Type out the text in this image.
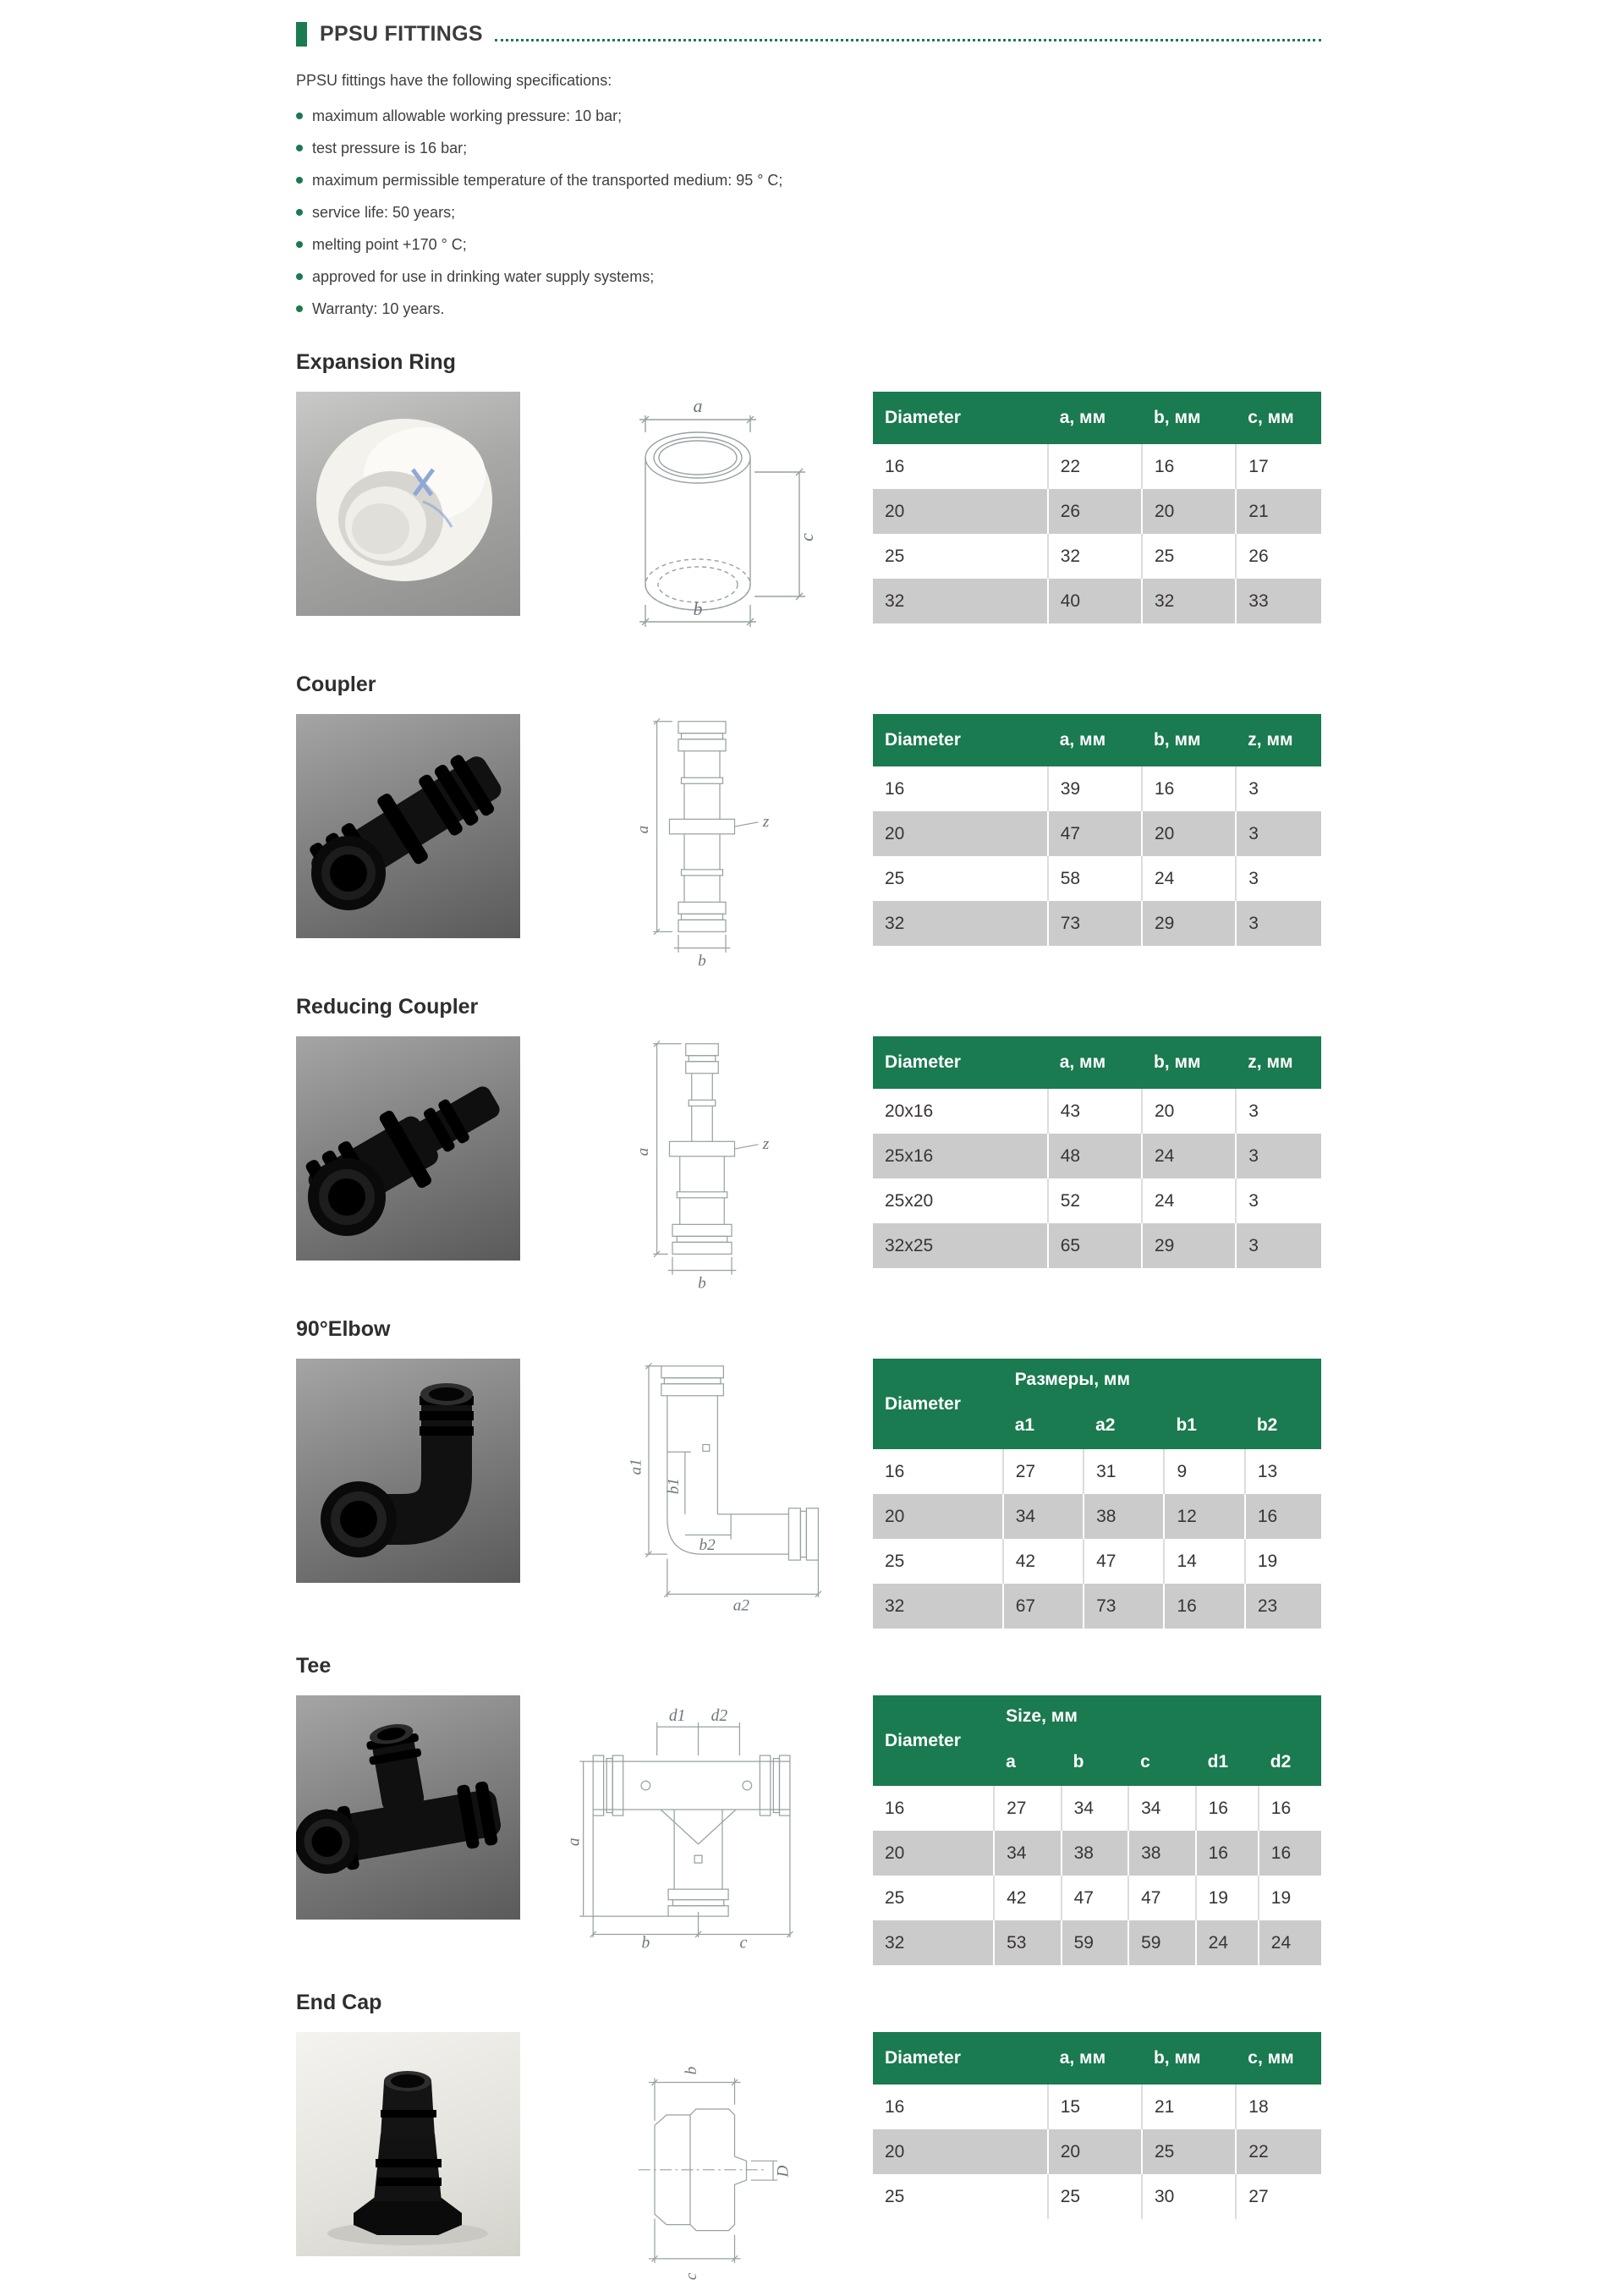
PPSU FITTINGS

PPSU fittings have the following specifications:

maximum allowable working pressure: 10 bar;
test pressure is 16 bar;
maximum permissible temperature of the transported medium: 95 ° C;
service life: 50 years;
melting point +170 ° C;
approved for use in drinking water supply systems;
Warranty: 10 years.
Expansion Ring
a
c
b
Diameter	a, мм	b, мм	c, мм
16	22	16	17
20	26	20	21
25	32	25	26
32	40	32	33
Coupler
a	z
b
Diameter	a, мм	b, мм	z, мм
16	39	16	3
20	47	20	3
25	58	24	3
32	73	29	3
Reducing Coupler
a	z
b
Diameter	a, мм	b, мм	z, мм
20x16	43	20	3
25x16	48	24	3
25x20	52	24	3
32x25	65	29	3
90°Elbow
a1
b1
b2
a2
Diameter	Размеры, мм			
	a1	a2	b1	b2
16	27	31	9	13
20	34	38	12	16
25	42	47	14	19
32	67	73	16	23
Tee
d1 d2
a
b	c
Diameter	Size, мм				
	a	b	c	d1	d2
16	27	34	34	16	16
20	34	38	38	16	16
25	42	47	47	19	19
32	53	59	59	24	24
End Cap
b
c
D
Diameter	a, мм	b, мм	c, мм
16	15	21	18
20	20	25	22
25	25	30	27
